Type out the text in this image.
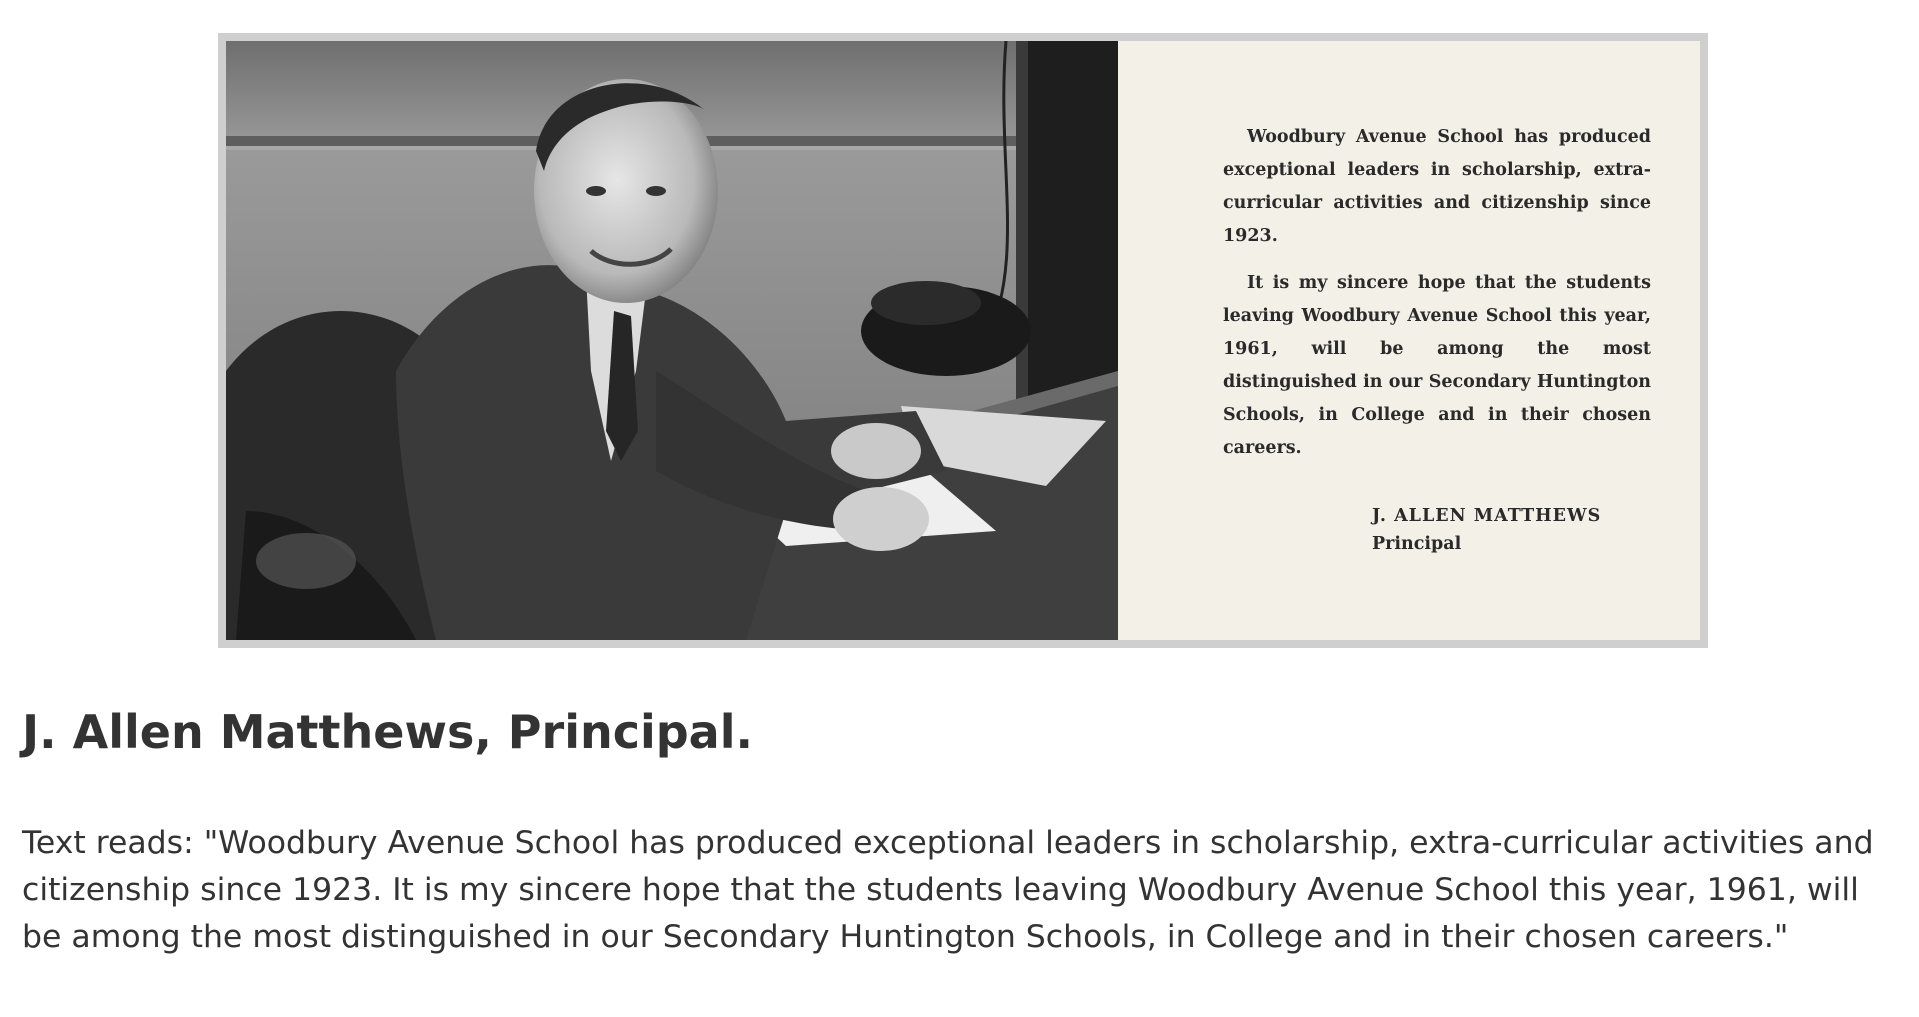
Woodbury Avenue School has produced exceptional leaders in scholarship, extra-curricular activities and citizenship since 1923.

It is my sincere hope that the students leaving Woodbury Avenue School this year, 1961, will be among the most distinguished in our Secondary Huntington Schools, in College and in their chosen careers.

J. ALLEN MATTHEWS
Principal
J. Allen Matthews, Principal.

Text reads: "Woodbury Avenue School has produced exceptional leaders in scholarship, extra-curricular activities and citizenship since 1923. It is my sincere hope that the students leaving Woodbury Avenue School this year, 1961, will be among the most distinguished in our Secondary Huntington Schools, in College and in their chosen careers."
